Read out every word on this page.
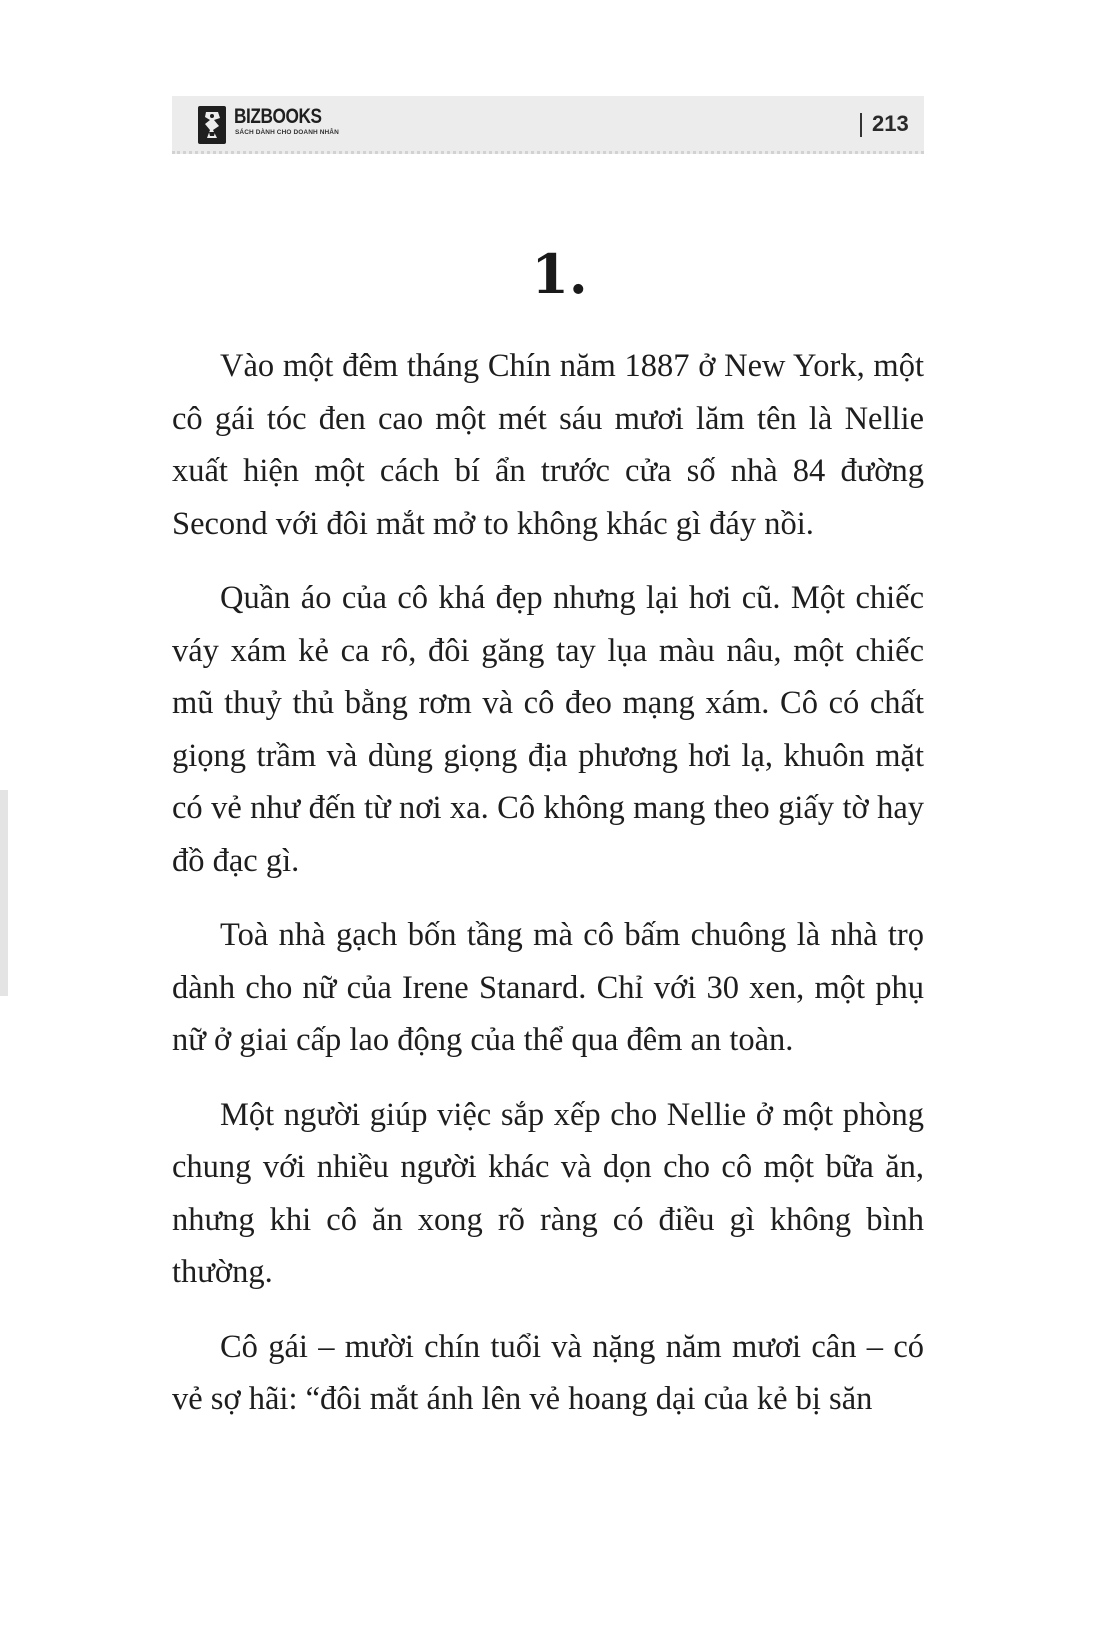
BIZBOOKS
SÁCH DÀNH CHO DOANH NHÂN	213
1.

Vào một đêm tháng Chín năm 1887 ở New York, một cô gái tóc đen cao một mét sáu mươi lăm tên là Nellie xuất hiện một cách bí ẩn trước cửa số nhà 84 đường Second với đôi mắt mở to không khác gì đáy nồi.

Quần áo của cô khá đẹp nhưng lại hơi cũ. Một chiếc váy xám kẻ ca rô, đôi găng tay lụa màu nâu, một chiếc mũ thuỷ thủ bằng rơm và cô đeo mạng xám. Cô có chất giọng trầm và dùng giọng địa phương hơi lạ, khuôn mặt có vẻ như đến từ nơi xa. Cô không mang theo giấy tờ hay đồ đạc gì.

Toà nhà gạch bốn tầng mà cô bấm chuông là nhà trọ dành cho nữ của Irene Stanard. Chỉ với 30 xen, một phụ nữ ở giai cấp lao động của thể qua đêm an toàn.

Một người giúp việc sắp xếp cho Nellie ở một phòng chung với nhiều người khác và dọn cho cô một bữa ăn, nhưng khi cô ăn xong rõ ràng có điều gì không bình thường.

Cô gái – mười chín tuổi và nặng năm mươi cân – có vẻ sợ hãi: “đôi mắt ánh lên vẻ hoang dại của kẻ bị săn
